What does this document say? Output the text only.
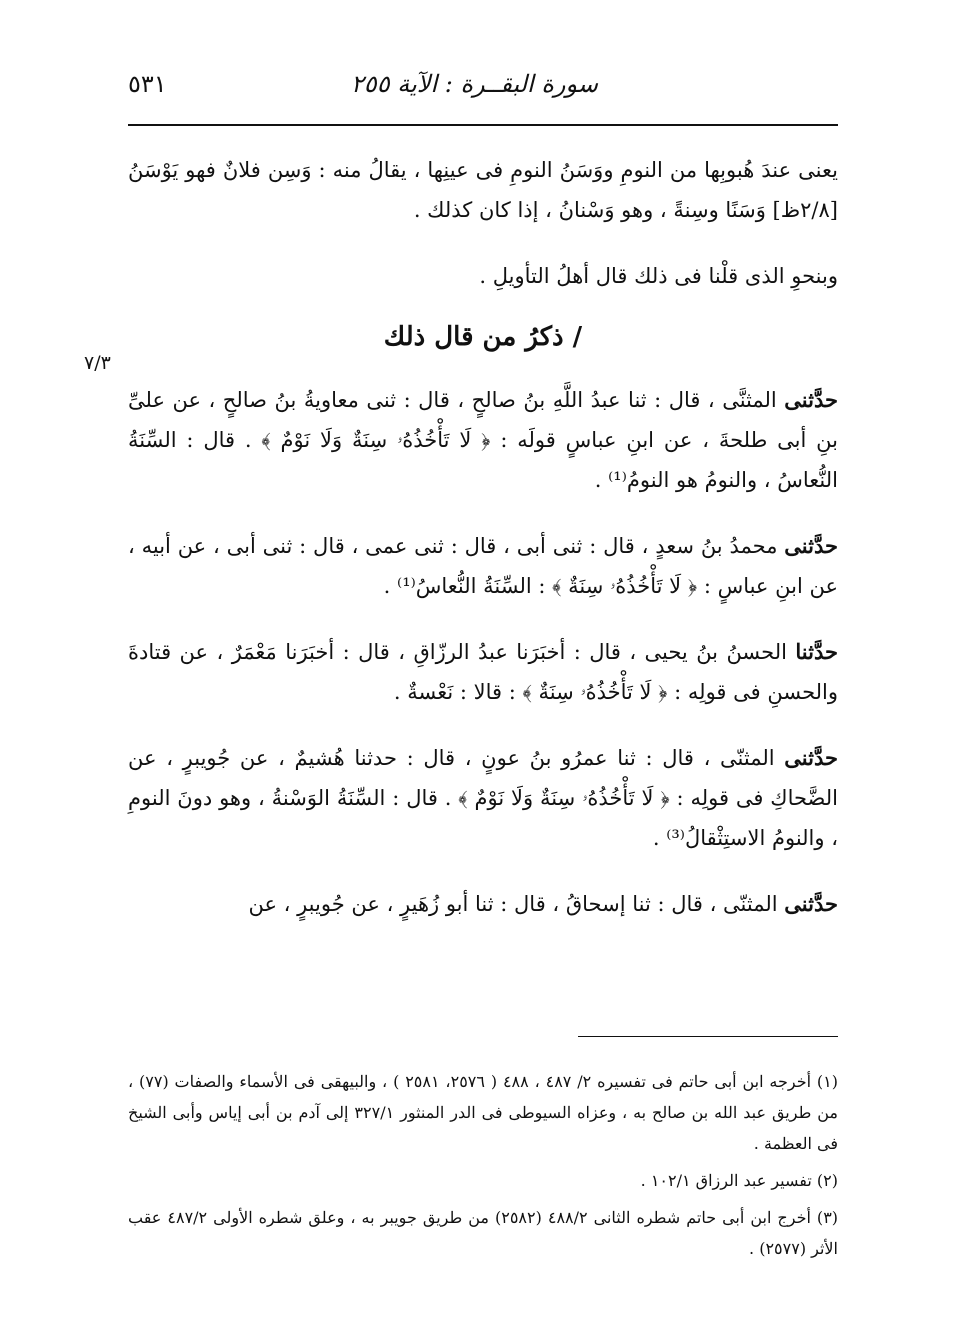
سورة البقــرة : الآية ٢٥٥
٥٣١
٧/٣

يعنى عندَ هُبوبِها من النومِ ووَسَنُ النومِ فى عينِها ، يقالُ منه : وَسِن فلانٌ فهو يَوْسَنُ [٢/٨ظ] وَسَنًا وسِنةً ، وهو وَسْنانُ ، إذا كان كذلك .

وبنحوِ الذى قلْنا فى ذلك قال أهلُ التأويلِ .

/ ذكرُ من قال ذلك

حدَّثنى المثنَّى ، قال : ثنا عبدُ اللَّهِ بنُ صالحٍ ، قال : ثنى معاويةُ بنُ صالحٍ ، عن علىِّ بنِ أبى طلحةَ ، عن ابنِ عباسٍ قولَه : ﴿ لَا تَأْخُذُهُۥ سِنَةٌ وَلَا نَوْمٌ ﴾ . قال : السِّنَةُ النُّعاسُ ، والنومُ هو النومُ⁽¹⁾ .

حدَّثنى محمدُ بنُ سعدٍ ، قال : ثنى أبى ، قال : ثنى عمى ، قال : ثنى أبى ، عن أبيه ، عن ابنِ عباسٍ : ﴿ لَا تَأْخُذُهُۥ سِنَةٌ ﴾ : السِّنَةُ النُّعاسُ⁽¹⁾ .

حدَّثنا الحسنُ بنُ يحيى ، قال : أخبَرَنا عبدُ الرزّاقِ ، قال : أخبَرَنا مَعْمَرٌ ، عن قتادةَ والحسنِ فى قولِه : ﴿ لَا تَأْخُذُهُۥ سِنَةٌ ﴾ : قالا : نَعْسةٌ .

حدَّثنى المثنّى ، قال : ثنا عمرُو بنُ عونٍ ، قال : حدثنا هُشيمٌ ، عن جُويبرٍ ، عن الضَّحاكِ فى قولِه : ﴿ لَا تَأْخُذُهُۥ سِنَةٌ وَلَا نَوْمٌ ﴾ . قال : السِّنَةُ الوَسْنةُ ، وهو دونَ النومِ ، والنومُ الاستِثْقالُ⁽³⁾ .

حدَّثنى المثنّى ، قال : ثنا إسحاقُ ، قال : ثنا أبو زُهَيرٍ ، عن جُويبرٍ ، عن

(١) أخرجه ابن أبى حاتم فى تفسيره ٢/ ٤٨٧ ، ٤٨٨ ( ٢٥٧٦، ٢٥٨١ ) ، والبيهقى فى الأسماء والصفات (٧٧) ، من طريق عبد الله بن صالح به ، وعزاه السيوطى فى الدر المنثور ٣٢٧/١ إلى آدم بن أبى إياس وأبى الشيخ فى العظمة .

(٢) تفسير عبد الرزاق ١٠٢/١ .

(٣) أخرج ابن أبى حاتم شطره الثانى ٤٨٨/٢ (٢٥٨٢) من طريق جويبر به ، وعلق شطره الأولى ٤٨٧/٢ عقب الأثر (٢٥٧٧) .
